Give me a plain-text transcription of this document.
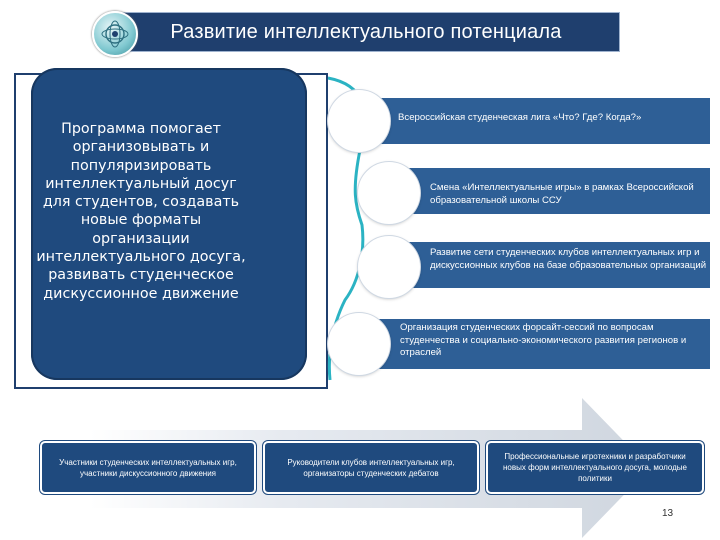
Развитие интеллектуального потенциала
Программа помогает организовывать и популяризировать интеллектуальный досуг для студентов, создавать новые форматы организации интеллектуального досуга, развивать студенческое дискуссионное движение
Всероссийская студенческая лига «Что? Где? Когда?»
Смена «Интеллектуальные игры» в рамках Всероссийской образовательной школы ССУ
Развитие сети студенческих клубов интеллектуальных игр и дискуссионных клубов на базе образовательных организаций
Организация студенческих форсайт-сессий по вопросам студенчества и социально-экономического развития регионов и отраслей
Участники студенческих интеллектуальных игр, участники дискуссионного движения
Руководители клубов интеллектуальных игр, организаторы студенческих дебатов
Профессиональные игротехники и разработчики новых форм интеллектуального досуга, молодые политики
13
